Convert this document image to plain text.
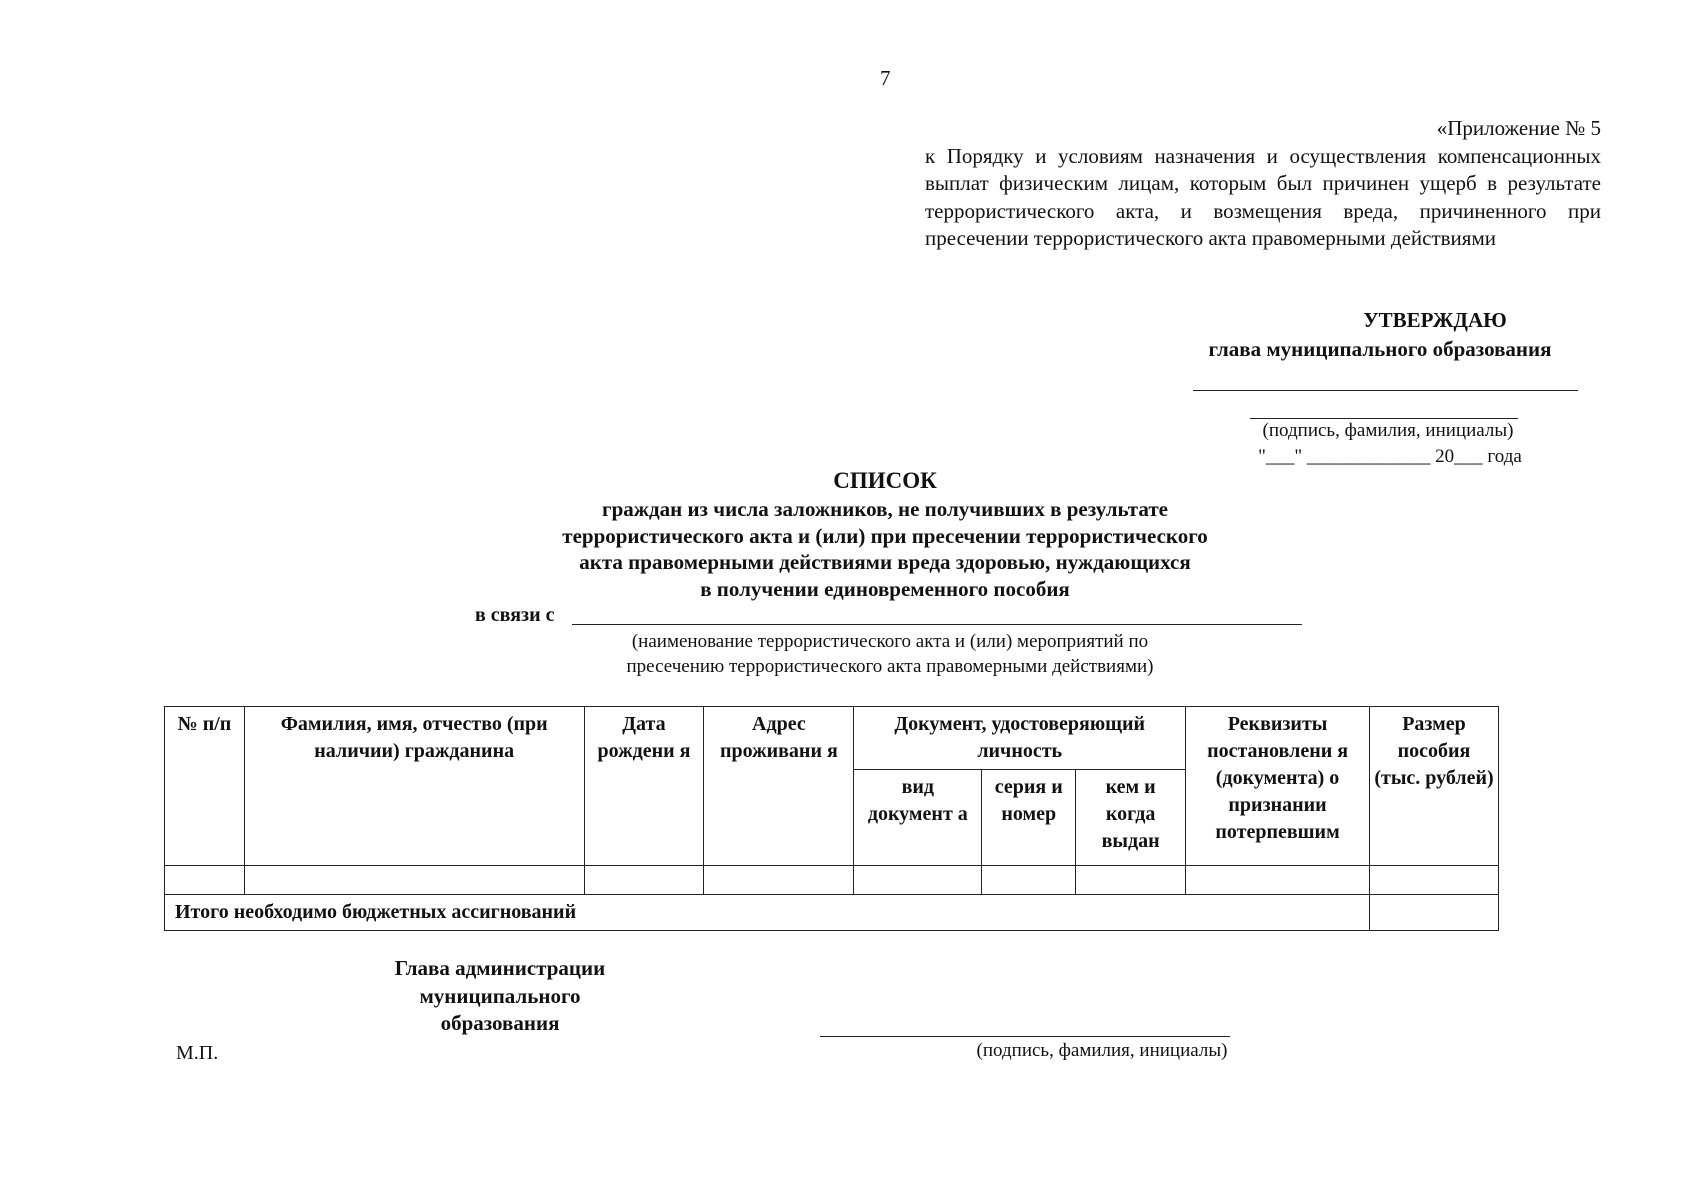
7
«Приложение № 5
к Порядку и условиям назначения и осуществления компенсационных выплат физическим лицам, которым был причинен ущерб в результате террористического акта, и возмещения вреда, причиненного при пресечении террористического акта правомерными действиями
УТВЕРЖДАЮ
глава муниципального образования
(подпись, фамилия, инициалы)
"___" _____________ 20___ года
СПИСОК
граждан из числа заложников, не получивших в результате
террористического акта и (или) при пресечении террористического
акта правомерными действиями вреда здоровью, нуждающихся
в получении единовременного пособия
в связи с
(наименование террористического акта и (или) мероприятий по
пресечению террористического акта правомерными действиями)
№ п/п	Фамилия, имя, отчество (при наличии) гражданина	Дата рождени я	Адрес проживани я	Документ, удостоверяющий личность			Реквизиты постановлени я (документа) о признании потерпевшим	Размер пособия (тыс. рублей)
				вид документ а	серия и номер	кем и когда выдан		

Итого необходимо бюджетных ассигнований								
Глава администрации
муниципального
образования
М.П.	(подпись, фамилия, инициалы)
